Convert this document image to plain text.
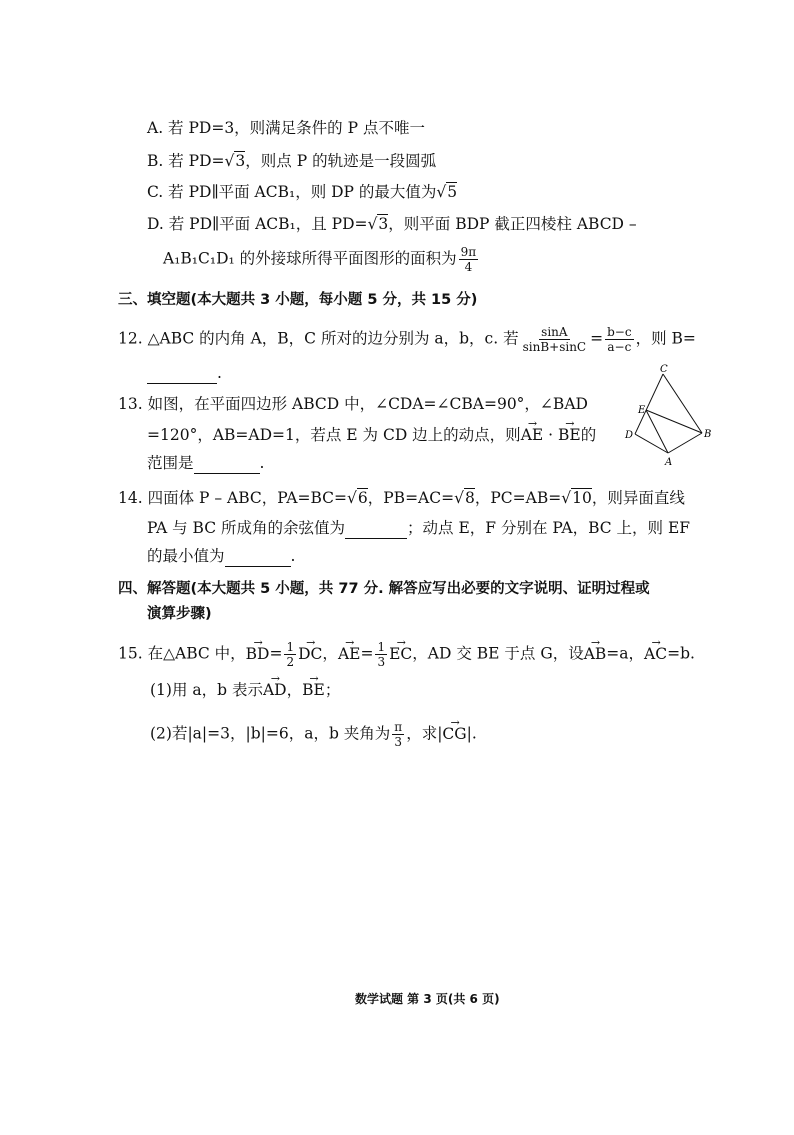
A. 若 PD=3，则满足条件的 P 点不唯一
B. 若 PD=√3，则点 P 的轨迹是一段圆弧
C. 若 PD∥平面 ACB₁，则 DP 的最大值为√5
D. 若 PD∥平面 ACB₁，且 PD=√3，则平面 BDP 截正四棱柱 ABCD –
A₁B₁C₁D₁ 的外接球所得平面图形的面积为 $\frac{9\pi}{4}$
三、填空题(本大题共 3 小题，每小题 5 分，共 15 分)
12. △ABC 的内角 A，B，C 所对的边分别为 a，b，c. 若 $\frac{\sin A}{\sin B+\sin C} = \frac{b-c}{a-c}$ ，则 B=
.
13. 如图，在平面四边形 ABCD 中，∠CDA=∠CBA=90°，∠BAD
=120°，AB=AD=1，若点 E 为 CD 边上的动点，则→ AE · → BE的
范围是	.
C
E
D	B
A
14. 四面体 P – ABC，PA=BC=√6，PB=AC=√8，PC=AB=√10，则异面直线
PA 与 BC 所成角的余弦值为	；动点 E，F 分别在 PA，BC 上，则 EF
的最小值为	.
四、解答题(本大题共 5 小题，共 77 分. 解答应写出必要的文字说明、证明过程或
演算步骤)
15. 在△ABC 中，→ $BD= \frac{1}{2}$ → DC，→ $AE= \frac{1}{3}$ → EC，AD 交 BE 于点 G，设→ AB=a，→ AC=b.
(1)用 a，b 表示→ AD，→ BE；
(2)若|a|=3，|b|=6，a，b 夹角为 $\frac{\pi}{3}$ ，求|→ CG|.
数学试题 第 3 页(共 6 页)
